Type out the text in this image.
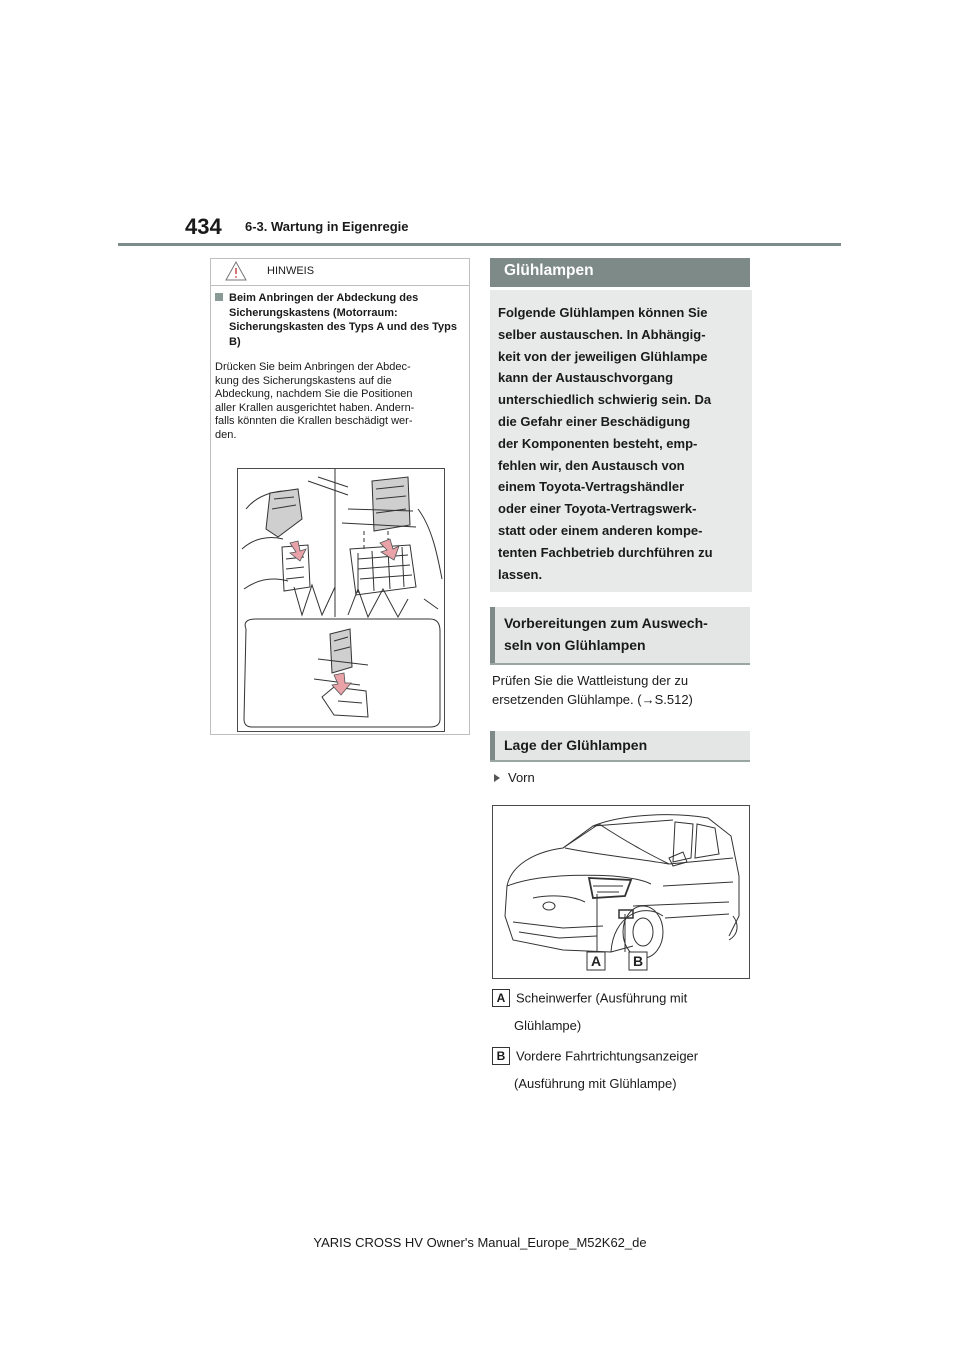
434 6-3. Wartung in Eigenregie
HINWEIS
Beim Anbringen der Abdeckung des Sicherungskastens (Motorraum: Sicherungskasten des Typs A und des Typs B)
Drücken Sie beim Anbringen der Abdec-
kung des Sicherungskastens auf die
Abdeckung, nachdem Sie die Positionen
aller Krallen ausgerichtet haben. Andern-
falls könnten die Krallen beschädigt wer-
den.
Glühlampen
Folgende Glühlampen können Sie
selber austauschen. In Abhängig-
keit von der jeweiligen Glühlampe
kann der Austauschvorgang
unterschiedlich schwierig sein. Da
die Gefahr einer Beschädigung
der Komponenten besteht, emp-
fehlen wir, den Austausch von
einem Toyota-Vertragshändler
oder einer Toyota-Vertragswerk-
statt oder einem anderen kompe-
tenten Fachbetrieb durchführen zu
lassen.
Vorbereitungen zum Auswech-
seln von Glühlampen
Prüfen Sie die Wattleistung der zu
ersetzenden Glühlampe. (→S.512)
Lage der Glühlampen
Vorn
A B
A Scheinwerfer (Ausführung mit
Glühlampe)
B Vordere Fahrtrichtungsanzeiger
(Ausführung mit Glühlampe)
YARIS CROSS HV Owner's Manual_Europe_M52K62_de
